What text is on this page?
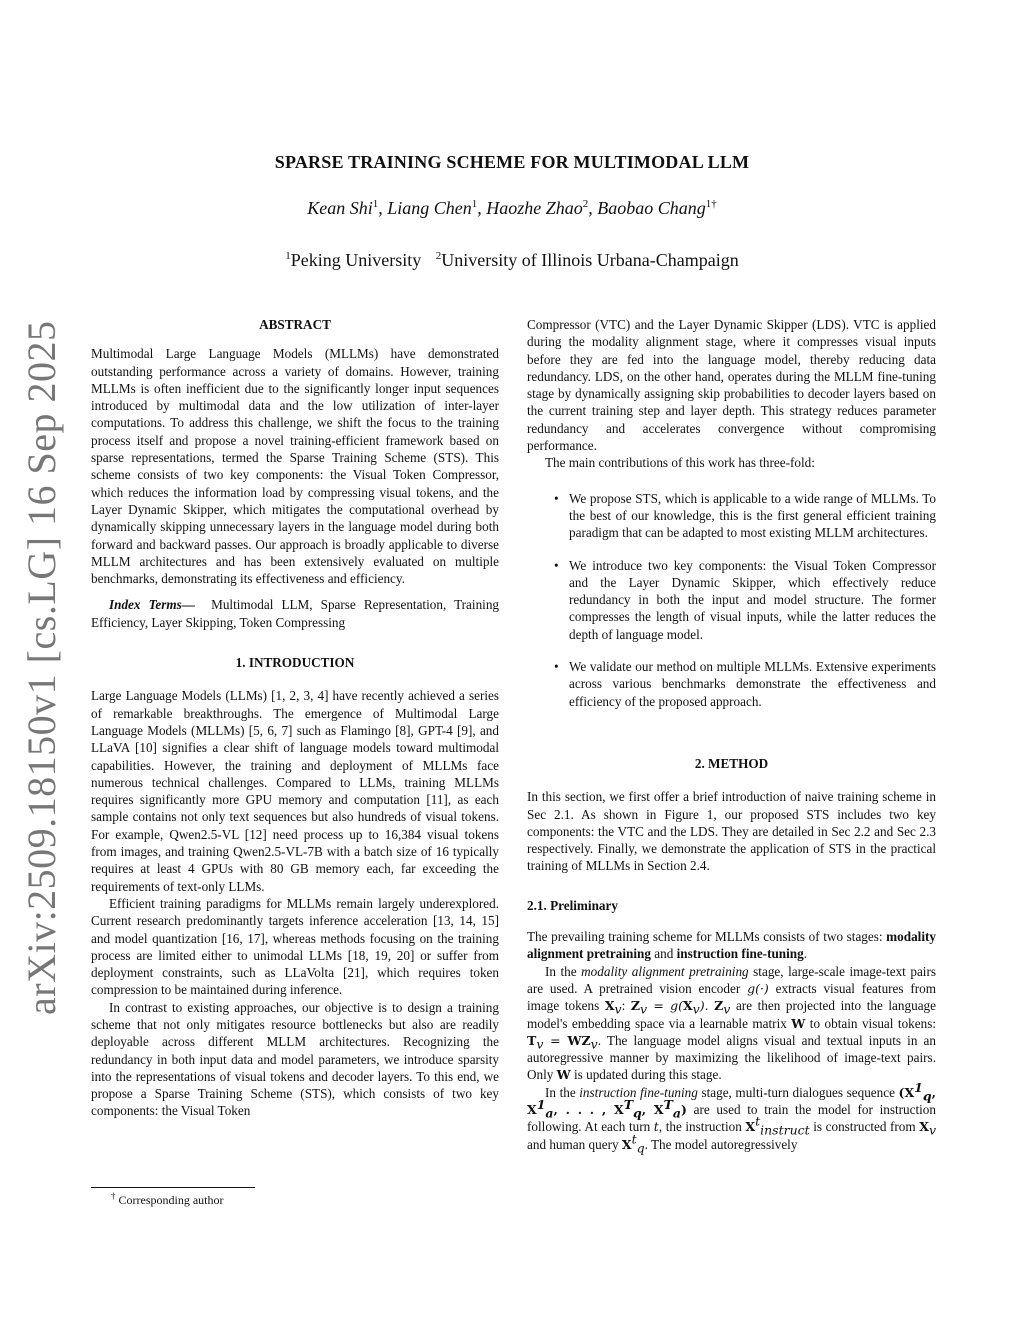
arXiv:2509.18150v1 [cs.LG] 16 Sep 2025
SPARSE TRAINING SCHEME FOR MULTIMODAL LLM
Kean Shi$^1$, Liang Chen$^1$, Haozhe Zhao$^2$, Baobao Chang$^{1\dagger}$
$^1$Peking University $^2$University of Illinois Urbana-Champaign

ABSTRACT

Multimodal Large Language Models (MLLMs) have demonstrated outstanding performance across a variety of domains. However, training MLLMs is often inefficient due to the significantly longer input sequences introduced by multimodal data and the low utilization of inter-layer computations. To address this challenge, we shift the focus to the training process itself and propose a novel training-efficient framework based on sparse representations, termed the Sparse Training Scheme (STS). This scheme consists of two key components: the Visual Token Compressor, which reduces the information load by compressing visual tokens, and the Layer Dynamic Skipper, which mitigates the computational overhead by dynamically skipping unnecessary layers in the language model during both forward and backward passes. Our approach is broadly applicable to diverse MLLM architectures and has been extensively evaluated on multiple benchmarks, demonstrating its effectiveness and efficiency.

Index Terms— Multimodal LLM, Sparse Representation, Training Efficiency, Layer Skipping, Token Compressing

1. INTRODUCTION

Large Language Models (LLMs) [1, 2, 3, 4] have recently achieved a series of remarkable breakthroughs. The emergence of Multimodal Large Language Models (MLLMs) [5, 6, 7] such as Flamingo [8], GPT-4 [9], and LLaVA [10] signifies a clear shift of language models toward multimodal capabilities. However, the training and deployment of MLLMs face numerous technical challenges. Compared to LLMs, training MLLMs requires significantly more GPU memory and computation [11], as each sample contains not only text sequences but also hundreds of visual tokens. For example, Qwen2.5-VL [12] need process up to 16,384 visual tokens from images, and training Qwen2.5-VL-7B with a batch size of 16 typically requires at least 4 GPUs with 80 GB memory each, far exceeding the requirements of text-only LLMs.

Efficient training paradigms for MLLMs remain largely underexplored. Current research predominantly targets inference acceleration [13, 14, 15] and model quantization [16, 17], whereas methods focusing on the training process are limited either to unimodal LLMs [18, 19, 20] or suffer from deployment constraints, such as LLaVolta [21], which requires token compression to be maintained during inference.

In contrast to existing approaches, our objective is to design a training scheme that not only mitigates resource bottlenecks but also are readily deployable across different MLLM architectures. Recognizing the redundancy in both input data and model parameters, we introduce sparsity into the representations of visual tokens and decoder layers. To this end, we propose a Sparse Training Scheme (STS), which consists of two key components: the Visual Token

Compressor (VTC) and the Layer Dynamic Skipper (LDS). VTC is applied during the modality alignment stage, where it compresses visual inputs before they are fed into the language model, thereby reducing data redundancy. LDS, on the other hand, operates during the MLLM fine-tuning stage by dynamically assigning skip probabilities to decoder layers based on the current training step and layer depth. This strategy reduces parameter redundancy and accelerates convergence without compromising performance.

The main contributions of this work has three-fold:

• We propose STS, which is applicable to a wide range of MLLMs. To the best of our knowledge, this is the first general efficient training paradigm that can be adapted to most existing MLLM architectures.
• We introduce two key components: the Visual Token Compressor and the Layer Dynamic Skipper, which effectively reduce redundancy in both the input and model structure. The former compresses the length of visual inputs, while the latter reduces the depth of language model.
• We validate our method on multiple MLLMs. Extensive experiments across various benchmarks demonstrate the effectiveness and efficiency of the proposed approach.

2. METHOD

In this section, we first offer a brief introduction of naive training scheme in Sec 2.1. As shown in Figure 1, our proposed STS includes two key components: the VTC and the LDS. They are detailed in Sec 2.2 and Sec 2.3 respectively. Finally, we demonstrate the application of STS in the practical training of MLLMs in Section 2.4.

2.1. Preliminary

The prevailing training scheme for MLLMs consists of two stages: modality alignment pretraining and instruction fine-tuning.

In the modality alignment pretraining stage, large-scale image-text pairs are used. A pretrained vision encoder g(·) extracts visual features from image tokens $X_v$: $Z_v = g(X_v)$. $Z_v$ are then projected into the language model's embedding space via a learnable matrix W to obtain visual tokens: $T_v = WZ_v$. The language model aligns visual and textual inputs in an autoregressive manner by maximizing the likelihood of image-text pairs. Only W is updated during this stage.

In the instruction fine-tuning stage, multi-turn dialogues sequence ($X^1_q$, $X^1_a$, . . . , $X^T_q$, $X^T_a$) are used to train the model for instruction following. At each turn t, the instruction $X^t_{instruct}$ is constructed from $X_v$ and human query $X^t_q$. The model autoregressively

† Corresponding author
